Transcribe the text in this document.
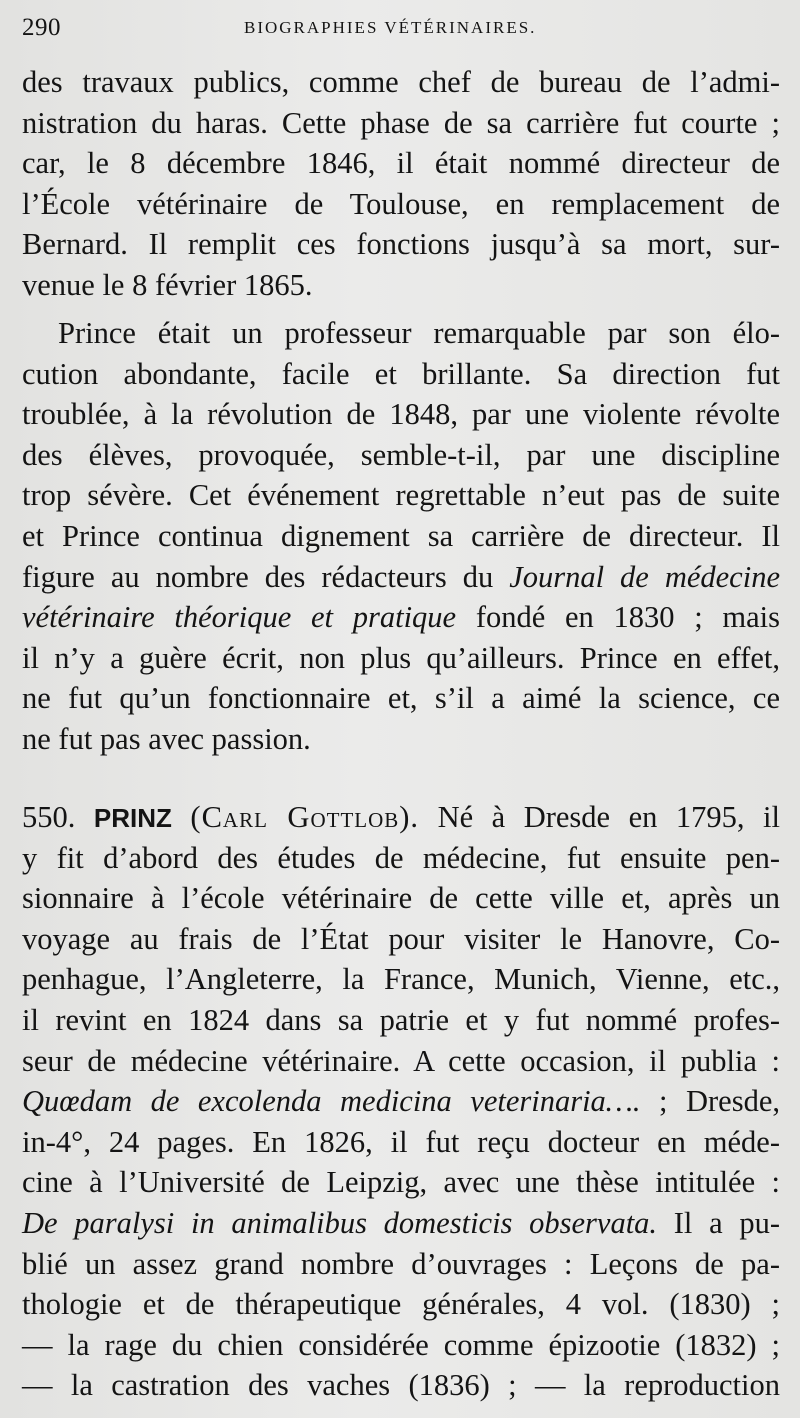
290	BIOGRAPHIES VÉTÉRINAIRES.
des travaux publics, comme chef de bureau de l’admi-
nistration du haras. Cette phase de sa carrière fut courte ;
car, le 8 décembre 1846, il était nommé directeur de
l’École vétérinaire de Toulouse, en remplacement de
Bernard. Il remplit ces fonctions jusqu’à sa mort, sur-
venue le 8 février 1865.
Prince était un professeur remarquable par son élo-
cution abondante, facile et brillante. Sa direction fut
troublée, à la révolution de 1848, par une violente révolte
des élèves, provoquée, semble-t-il, par une discipline
trop sévère. Cet événement regrettable n’eut pas de suite
et Prince continua dignement sa carrière de directeur. Il
figure au nombre des rédacteurs du Journal de médecine
vétérinaire théorique et pratique fondé en 1830 ; mais
il n’y a guère écrit, non plus qu’ailleurs. Prince en effet,
ne fut qu’un fonctionnaire et, s’il a aimé la science, ce
ne fut pas avec passion.
550. PRINZ (Carl Gottlob). Né à Dresde en 1795, il
y fit d’abord des études de médecine, fut ensuite pen-
sionnaire à l’école vétérinaire de cette ville et, après un
voyage au frais de l’État pour visiter le Hanovre, Co-
penhague, l’Angleterre, la France, Munich, Vienne, etc.,
il revint en 1824 dans sa patrie et y fut nommé profes-
seur de médecine vétérinaire. A cette occasion, il publia :
Quœdam de excolenda medicina veterinaria…. ; Dresde,
in-4°, 24 pages. En 1826, il fut reçu docteur en méde-
cine à l’Université de Leipzig, avec une thèse intitulée :
De paralysi in animalibus domesticis observata. Il a pu-
blié un assez grand nombre d’ouvrages : Leçons de pa-
thologie et de thérapeutique générales, 4 vol. (1830) ;
— la rage du chien considérée comme épizootie (1832) ;
— la castration des vaches (1836) ; — la reproduction
